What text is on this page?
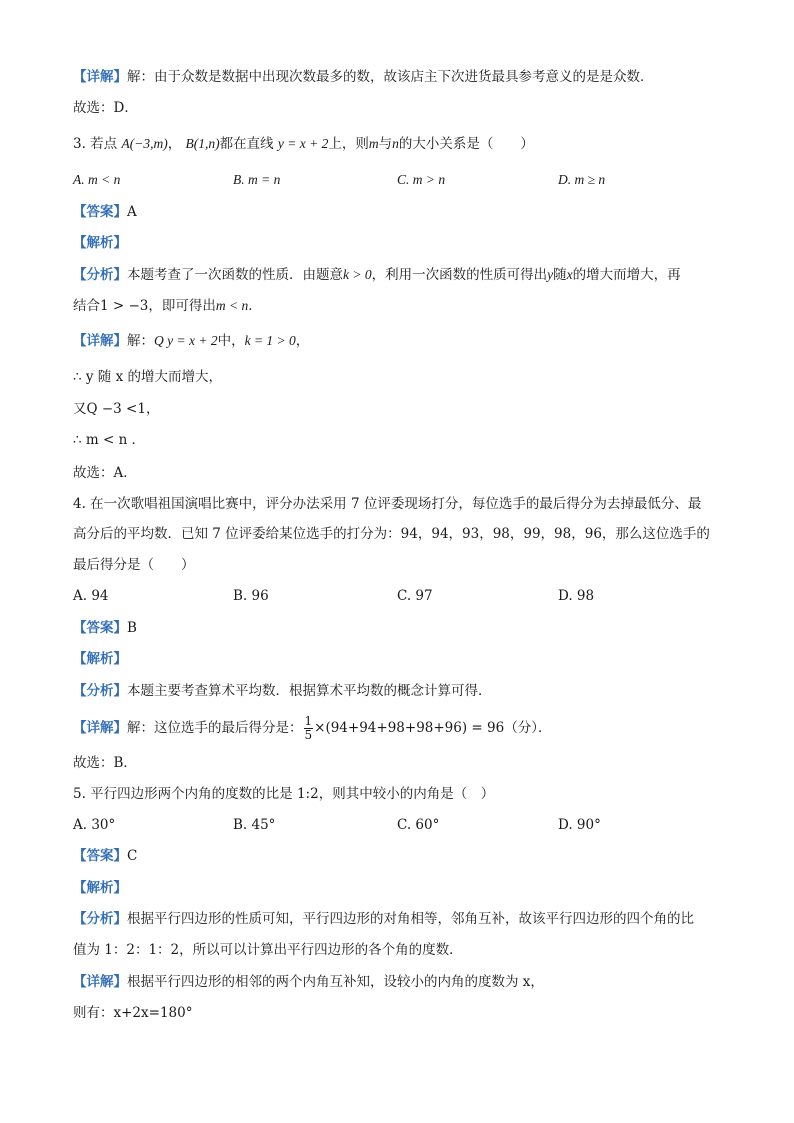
【详解】解：由于众数是数据中出现次数最多的数，故该店主下次进货最具参考意义的是是众数．
故选：D．
3. 若点 A(−3,m)， B(1,n)都在直线 y = x + 2上，则m与n的大小关系是（　　）
A. m < n	B. m = n	C. m > n	D. m ≥ n
【答案】A
【解析】
【分析】本题考查了一次函数的性质．由题意k > 0，利用一次函数的性质可得出y随x的增大而增大，再
结合1 > −3，即可得出m < n．
【详解】解：Q y = x + 2中，k = 1 > 0，
∴ y 随 x 的增大而增大，
又Q −3 <1，
∴ m < n ．
故选：A．
4. 在一次歌唱祖国演唱比赛中，评分办法采用 7 位评委现场打分，每位选手的最后得分为去掉最低分、最
高分后的平均数．已知 7 位评委给某位选手的打分为：94，94，93，98，99，98，96，那么这位选手的
最后得分是（　　）
A. 94	B. 96	C. 97	D. 98
【答案】B
【解析】
【分析】本题主要考查算术平均数．根据算术平均数的概念计算可得．
【详解】解：这位选手的最后得分是： $\frac{1}{5} \times(94+94+98+98+96) = 96$（分）．
故选：B．
5. 平行四边形两个内角的度数的比是 1:2，则其中较小的内角是（　）
A. 30°	B. 45°	C. 60°	D. 90°
【答案】C
【解析】
【分析】根据平行四边形的性质可知，平行四边形的对角相等，邻角互补，故该平行四边形的四个角的比
值为 1：2：1：2，所以可以计算出平行四边形的各个角的度数．
【详解】根据平行四边形的相邻的两个内角互补知，设较小的内角的度数为 x，
则有：x+2x=180°
